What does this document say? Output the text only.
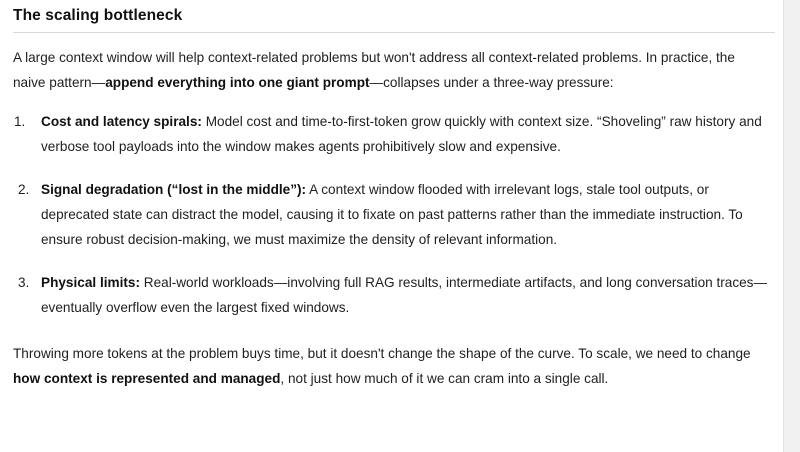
The scaling bottleneck

A large context window will help context-related problems but won't address all context-related problems. In practice, the naive pattern—append everything into one giant prompt—collapses under a three-way pressure:

1.	Cost and latency spirals: Model cost and time-to-first-token grow quickly with context size. “Shoveling” raw history and verbose tool payloads into the window makes agents prohibitively slow and expensive.
2. Signal degradation (“lost in the middle”): A context window flooded with irrelevant logs, stale tool outputs, or deprecated state can distract the model, causing it to fixate on past patterns rather than the immediate instruction. To ensure robust decision-making, we must maximize the density of relevant information.
3. Physical limits: Real-world workloads—involving full RAG results, intermediate artifacts, and long conversation traces—eventually overflow even the largest fixed windows.

Throwing more tokens at the problem buys time, but it doesn't change the shape of the curve. To scale, we need to change how context is represented and managed, not just how much of it we can cram into a single call.
